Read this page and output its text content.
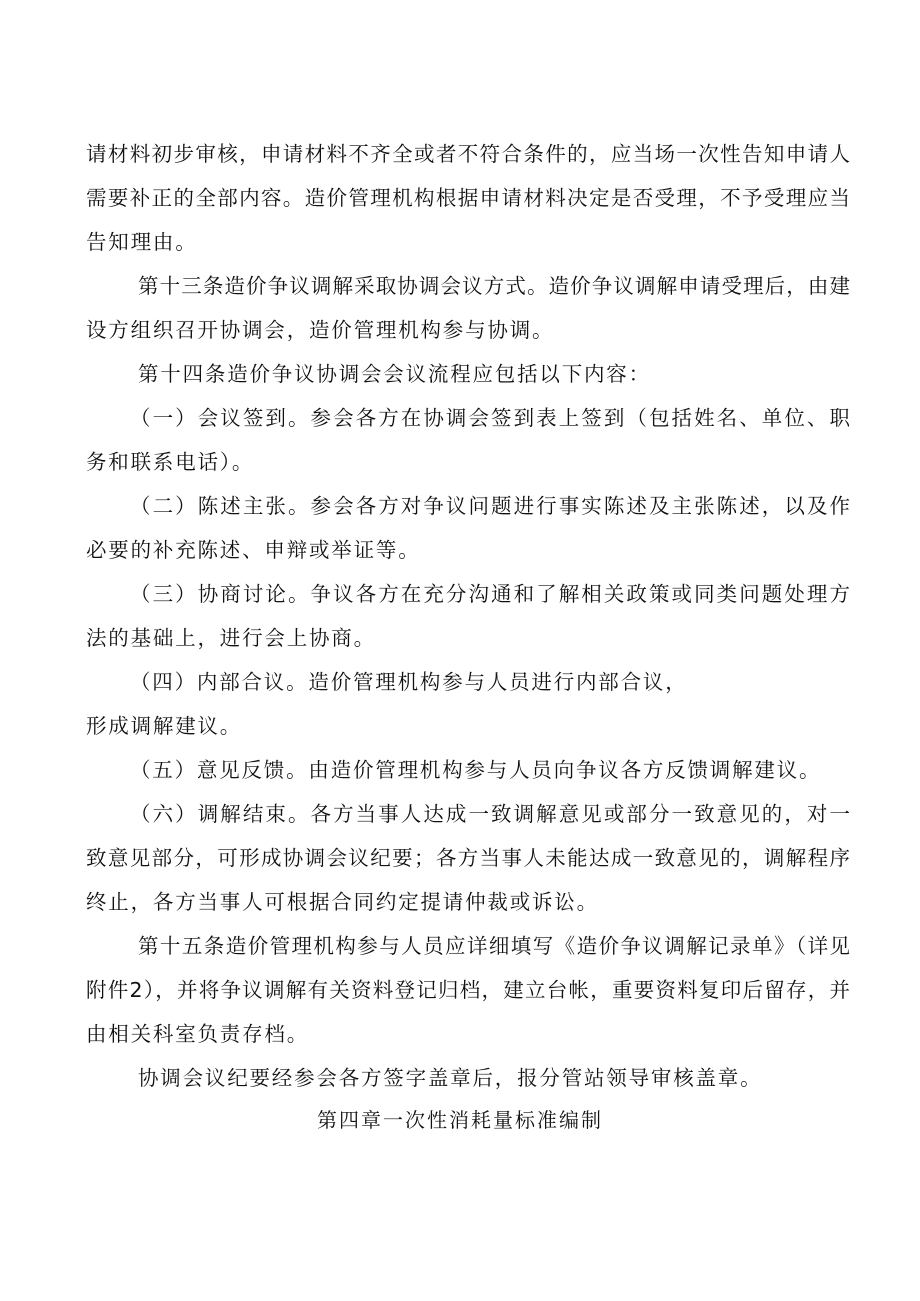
请材料初步审核，申请材料不齐全或者不符合条件的，应当场一次性告知申请人
需要补正的全部内容。造价管理机构根据申请材料决定是否受理，不予受理应当
告知理由。
第十三条造价争议调解采取协调会议方式。造价争议调解申请受理后，由建
设方组织召开协调会，造价管理机构参与协调。
第十四条造价争议协调会会议流程应包括以下内容：
（一）会议签到。参会各方在协调会签到表上签到（包括姓名、单位、职
务和联系电话）。
（二）陈述主张。参会各方对争议问题进行事实陈述及主张陈述，以及作
必要的补充陈述、申辩或举证等。
（三）协商讨论。争议各方在充分沟通和了解相关政策或同类问题处理方
法的基础上，进行会上协商。
（四）内部合议。造价管理机构参与人员进行内部合议，
形成调解建议。
（五）意见反馈。由造价管理机构参与人员向争议各方反馈调解建议。
（六）调解结束。各方当事人达成一致调解意见或部分一致意见的，对一
致意见部分，可形成协调会议纪要；各方当事人未能达成一致意见的，调解程序
终止，各方当事人可根据合同约定提请仲裁或诉讼。
第十五条造价管理机构参与人员应详细填写《造价争议调解记录单》（详见
附件2），并将争议调解有关资料登记归档，建立台帐，重要资料复印后留存，并
由相关科室负责存档。
协调会议纪要经参会各方签字盖章后，报分管站领导审核盖章。
第四章一次性消耗量标准编制
